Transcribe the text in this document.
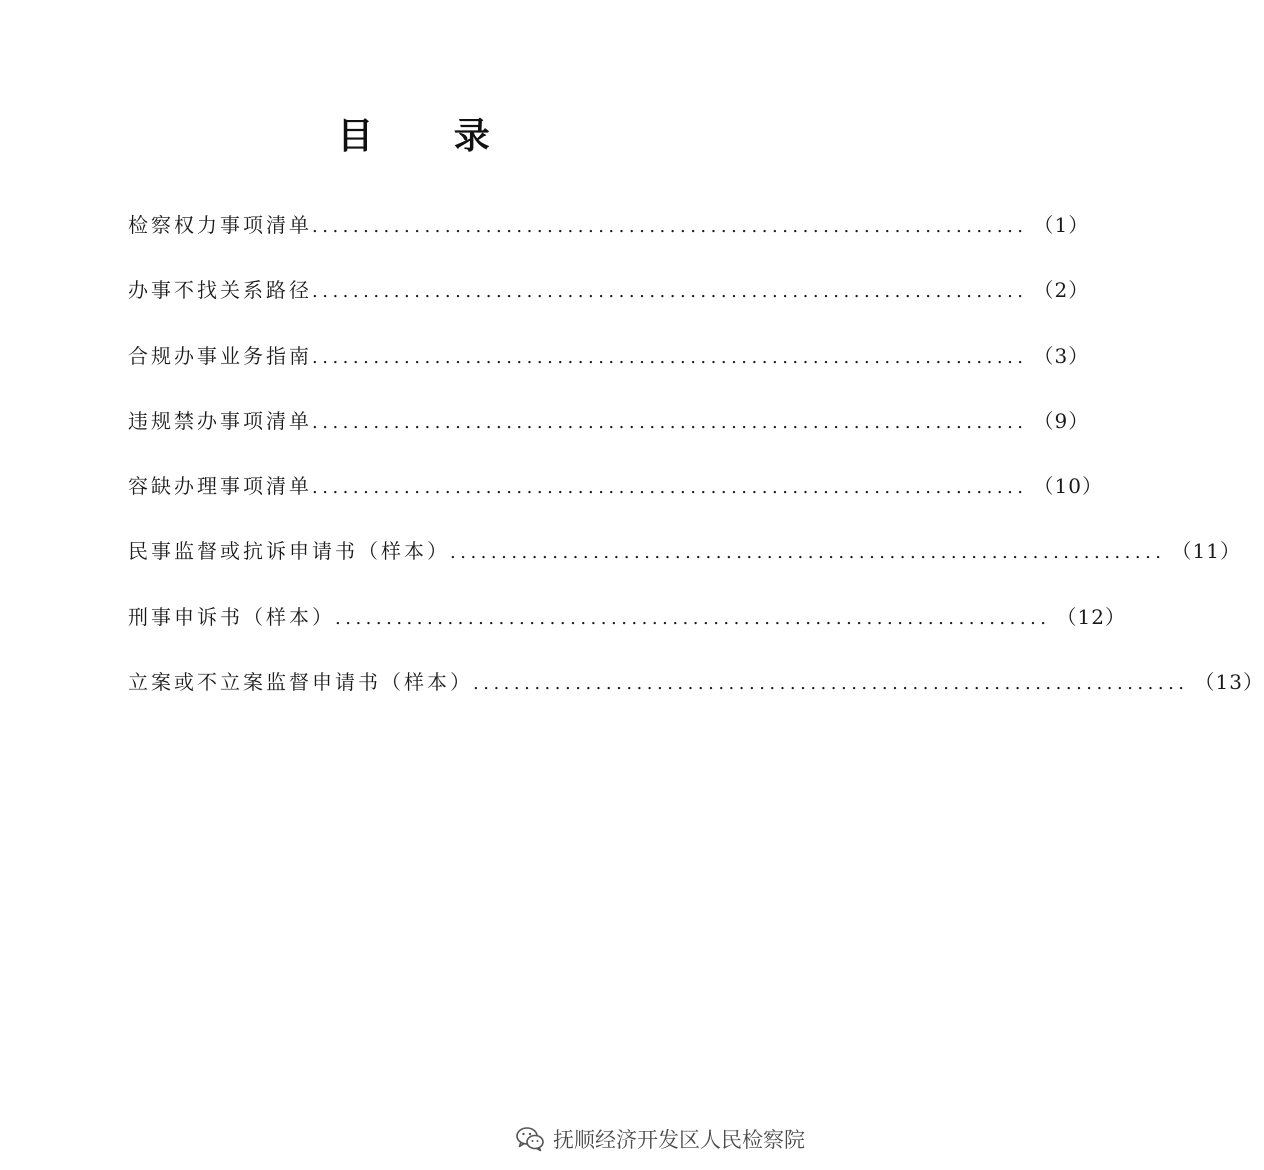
目 录
检察权力事项清单 ...................................................................... （1）
办事不找关系路径 ...................................................................... （2）
合规办事业务指南 ...................................................................... （3）
违规禁办事项清单 ...................................................................... （9）
容缺办理事项清单 ...................................................................... （10）
民事监督或抗诉申请书（样本） ...................................................................... （11）
刑事申诉书（样本） ...................................................................... （12）
立案或不立案监督申请书（样本） ...................................................................... （13）
抚顺经济开发区人民检察院
